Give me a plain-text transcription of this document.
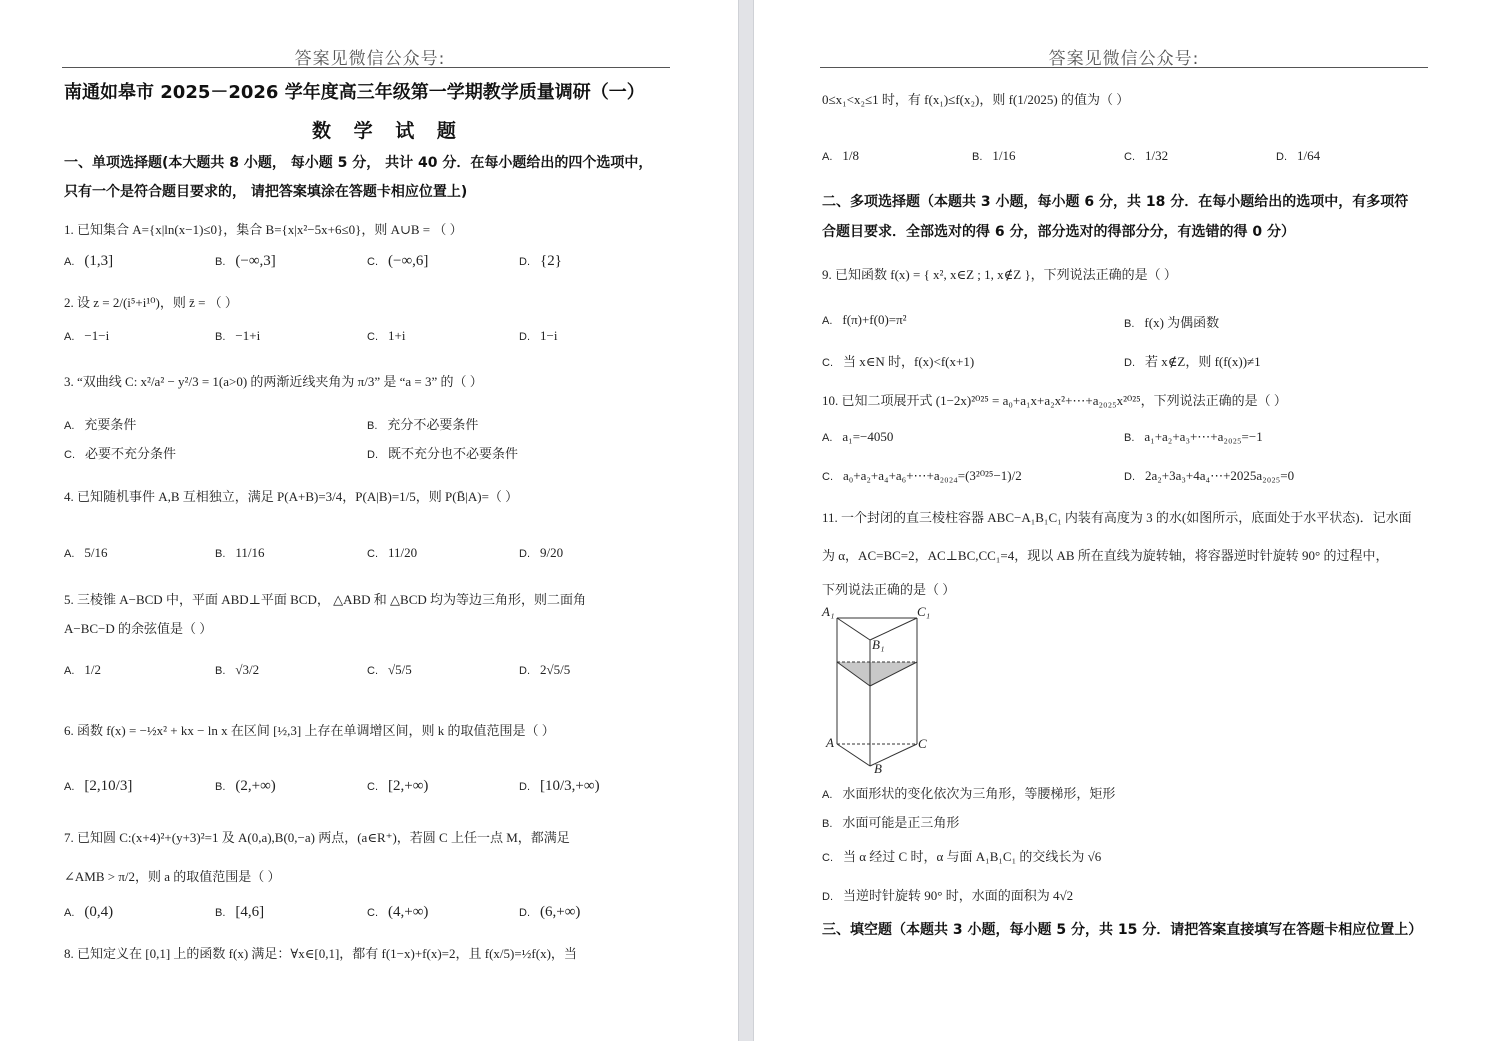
答案见微信公众号:
南通如皋市 2025－2026 学年度高三年级第一学期教学质量调研（一）
数 学 试 题
一、单项选择题(本大题共 8 小题， 每小题 5 分， 共计 40 分．在每小题给出的四个选项中，
只有一个是符合题目要求的， 请把答案填涂在答题卡相应位置上)
1. 已知集合 A={x|ln(x−1)≤0}，集合 B={x|x²−5x+6≤0}，则 A∪B = （ ）
A. (1,3]	B. (−∞,3]	C. (−∞,6]	D. {2}
2. 设 z = 2/(i⁵+i¹⁰)，则 z̄ = （ ）
A. −1−i	B. −1+i	C. 1+i	D. 1−i
3. “双曲线 C: x²/a² − y²/3 = 1(a>0) 的两渐近线夹角为 π/3” 是 “a = 3” 的（ ）
A. 充要条件	B. 充分不必要条件
C. 必要不充分条件	D. 既不充分也不必要条件
4. 已知随机事件 A,B 互相独立，满足 P(A+B)=3/4，P(A|B)=1/5，则 P(B̄|A)=（ ）
A. 5/16	B. 11/16	C. 11/20	D. 9/20
5. 三棱锥 A−BCD 中，平面 ABD⊥平面 BCD， △ABD 和 △BCD 均为等边三角形，则二面角
A−BC−D 的余弦值是（ ）
A. 1/2	B. √3/2	C. √5/5	D. 2√5/5
6. 函数 f(x) = −½x² + kx − ln x 在区间 [½,3] 上存在单调增区间，则 k 的取值范围是（ ）
A. [2,10/3]	B. (2,+∞)	C. [2,+∞)	D. [10/3,+∞)
7. 已知圆 C:(x+4)²+(y+3)²=1 及 A(0,a),B(0,−a) 两点，(a∈R⁺)，若圆 C 上任一点 M，都满足
∠AMB > π/2，则 a 的取值范围是（ ）
A. (0,4)	B. [4,6]	C. (4,+∞)	D. (6,+∞)
8. 已知定义在 [0,1] 上的函数 f(x) 满足：∀x∈[0,1]，都有 f(1−x)+f(x)=2，且 f(x/5)=½f(x)，当
答案见微信公众号:
0≤x₁<x₂≤1 时，有 f(x₁)≤f(x₂)，则 f(1/2025) 的值为（ ）
A. 1/8	B. 1/16	C. 1/32	D. 1/64
二、多项选择题（本题共 3 小题，每小题 6 分，共 18 分．在每小题给出的选项中，有多项符
合题目要求．全部选对的得 6 分，部分选对的得部分分，有选错的得 0 分）
9. 已知函数 f(x) = { x², x∈Z ; 1, x∉Z }，下列说法正确的是（ ）
A. f(π)+f(0)=π²	B. f(x) 为偶函数
C. 当 x∈N 时，f(x)<f(x+1)	D. 若 x∉Z，则 f(f(x))≠1
10. 已知二项展开式 (1−2x)²⁰²⁵ = a₀+a₁x+a₂x²+⋯+a₂₀₂₅x²⁰²⁵，下列说法正确的是（ ）
A. a₁=−4050	B. a₁+a₂+a₃+⋯+a₂₀₂₅=−1
C. a₀+a₂+a₄+a₆+⋯+a₂₀₂₄=(3²⁰²⁵−1)/2	D. 2a₂+3a₃+4a₄⋯+2025a₂₀₂₅=0
11. 一个封闭的直三棱柱容器 ABC−A₁B₁C₁ 内装有高度为 3 的水(如图所示，底面处于水平状态)．记水面
为 α，AC=BC=2，AC⊥BC,CC₁=4，现以 AB 所在直线为旋转轴，将容器逆时针旋转 90° 的过程中，
下列说法正确的是（ ）
A₁	C₁
B₁
A	C
B
A. 水面形状的变化依次为三角形，等腰梯形，矩形
B. 水面可能是正三角形
C. 当 α 经过 C 时，α 与面 A₁B₁C₁ 的交线长为 √6
D. 当逆时针旋转 90° 时，水面的面积为 4√2
三、填空题（本题共 3 小题，每小题 5 分，共 15 分．请把答案直接填写在答题卡相应位置上）
